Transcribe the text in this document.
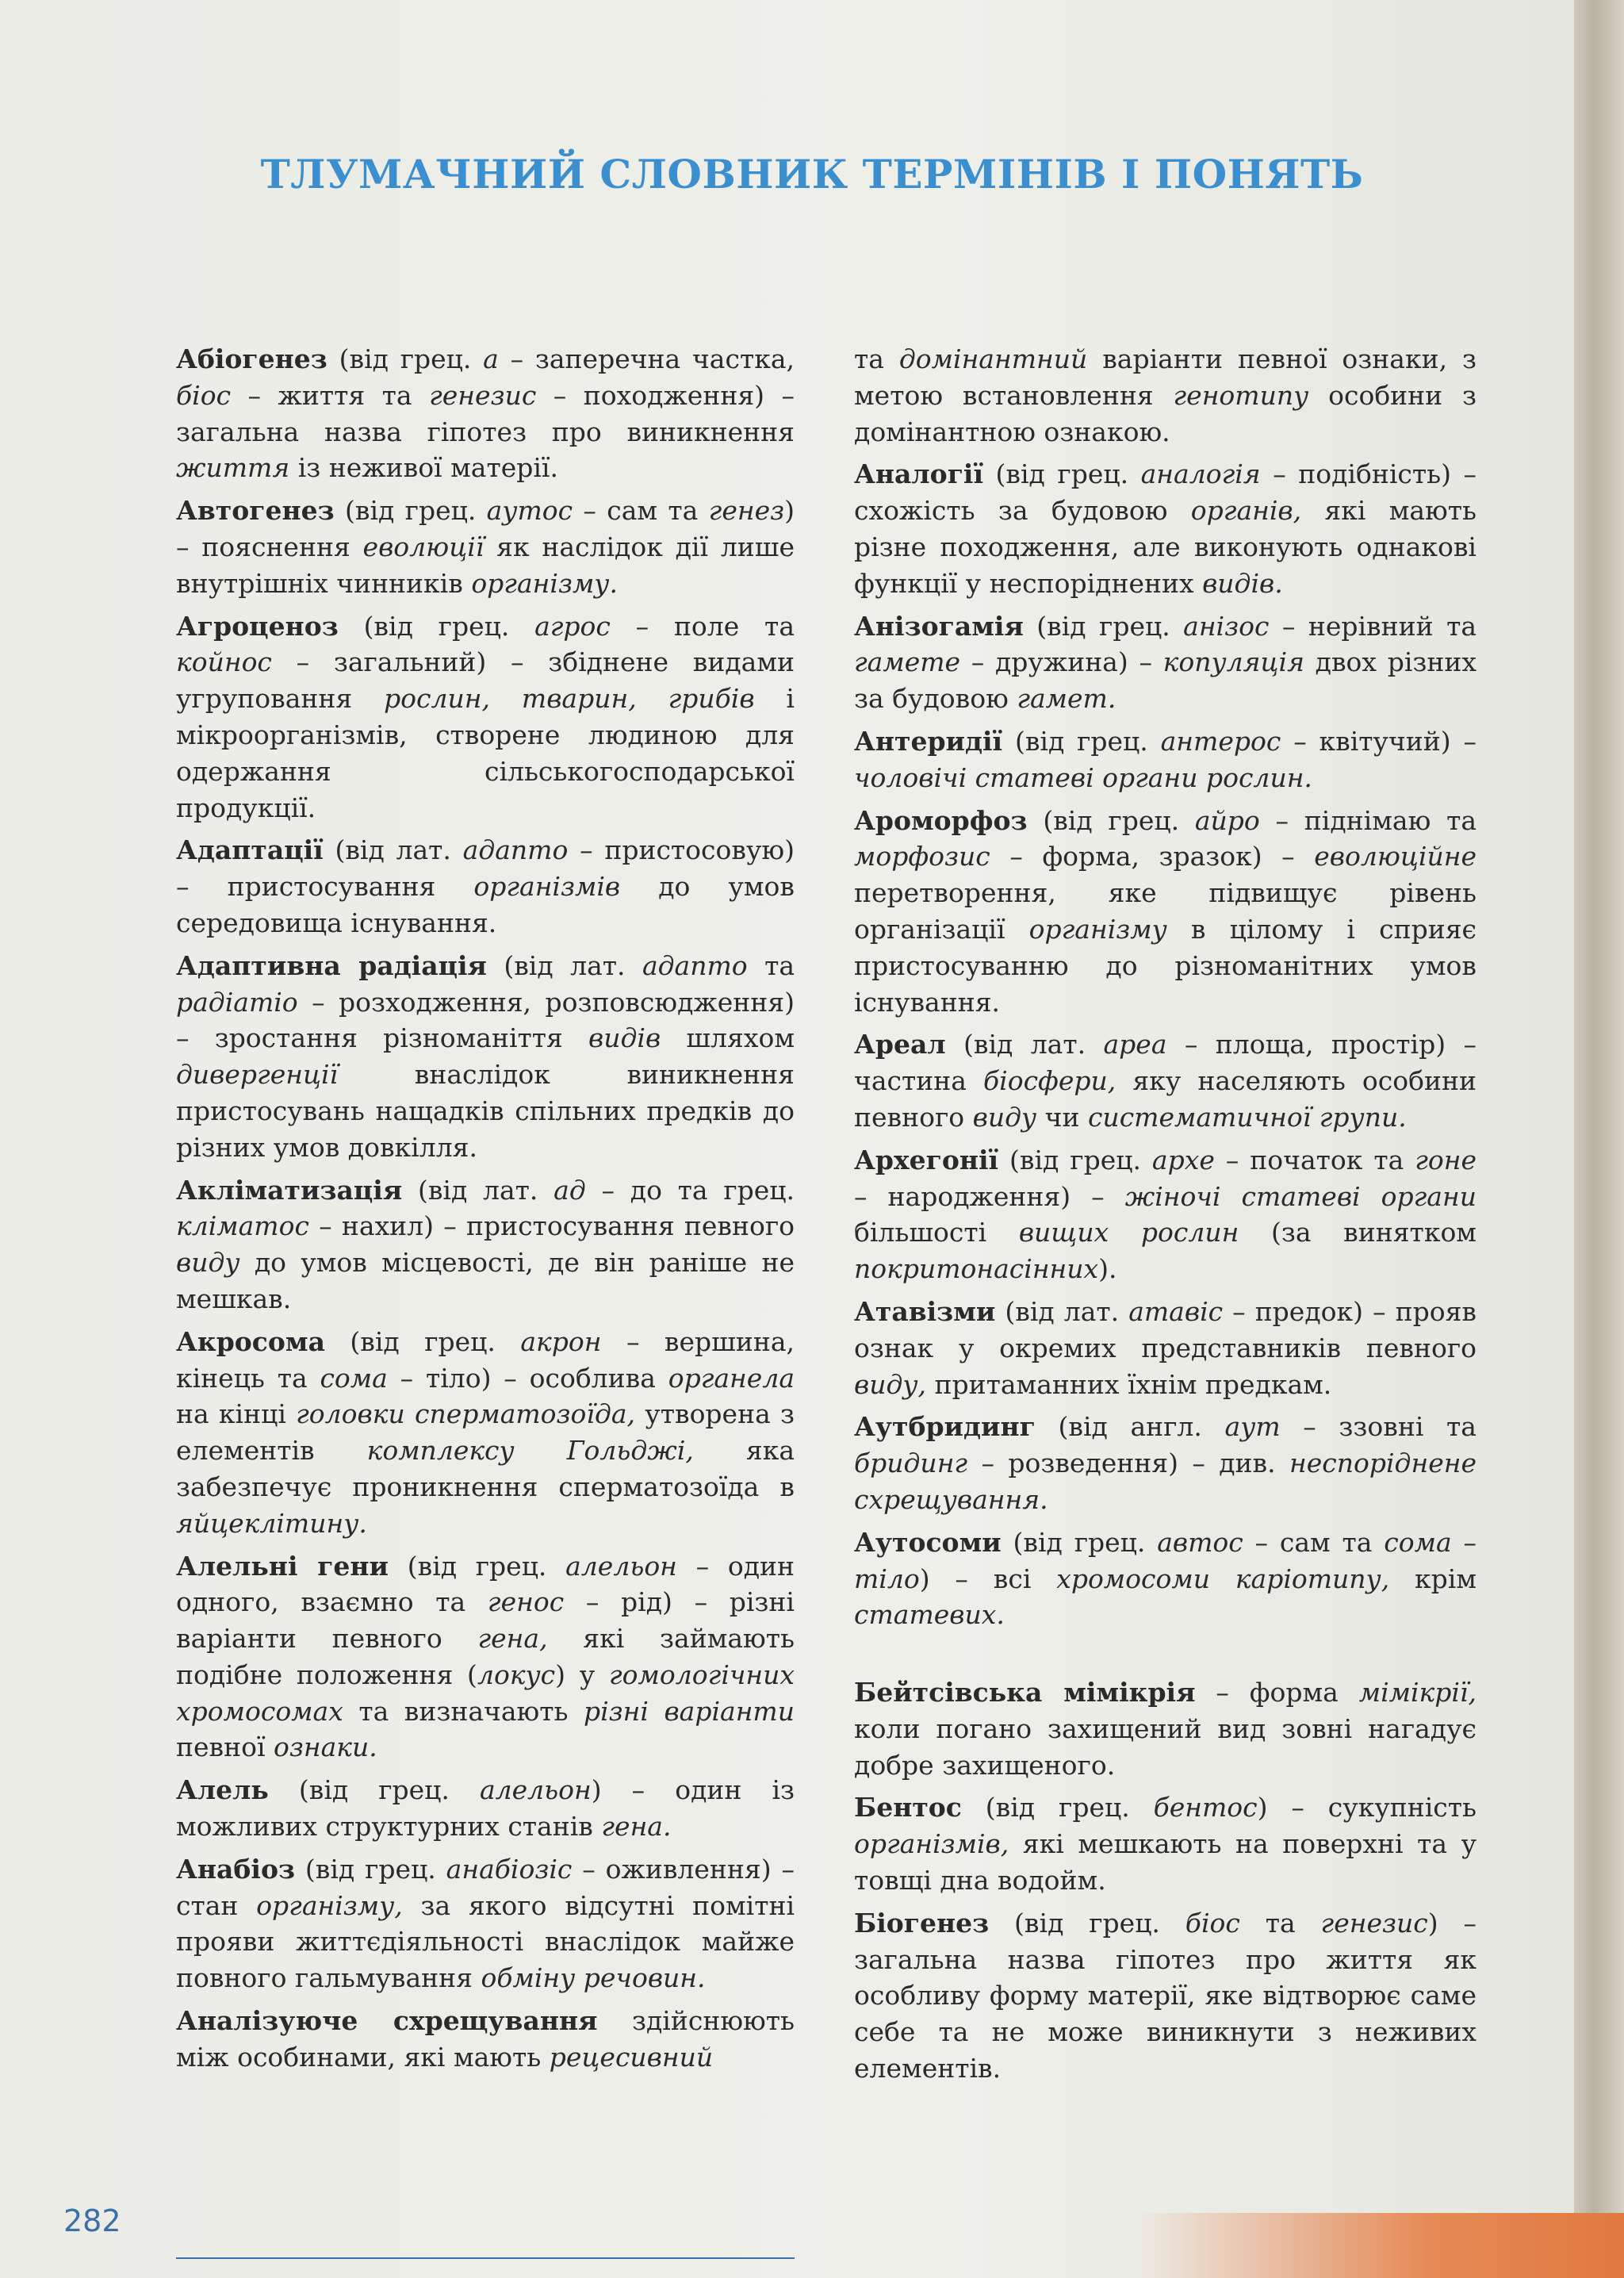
ТЛУМАЧНИЙ СЛОВНИК ТЕРМІНІВ І ПОНЯТЬ

Абіогенез (від грец. а – заперечна частка, біос – життя та генезис – походження) – загальна назва гіпотез про виникнення життя із неживої матерії.

Автогенез (від грец. аутос – сам та генез) – пояснення еволюції як наслідок дії лише внутрішніх чинників організму.

Агроценоз (від грец. агрос – поле та койнос – загальний) – збіднене видами угруповання рослин, тварин, грибів і мікроорганізмів, створене людиною для одержання сільськогосподарської продукції.

Адаптації (від лат. адапто – пристосовую) – пристосування організмів до умов середовища існування.

Адаптивна радіація (від лат. адапто та радіатіо – розходження, розповсюдження) – зростання різноманіття видів шляхом дивергенції внаслідок виникнення пристосувань нащадків спільних предків до різних умов довкілля.

Акліматизація (від лат. ад – до та грец. кліматос – нахил) – пристосування певного виду до умов місцевості, де він раніше не мешкав.

Акросома (від грец. акрон – вершина, кінець та сома – тіло) – особлива органела на кінці головки сперматозоїда, утворена з елементів комплексу Гольджі, яка забезпечує проникнення сперматозоїда в яйцеклітину.

Алельні гени (від грец. алельон – один одного, взаємно та генос – рід) – різні варіанти певного гена, які займають подібне положення (локус) у гомологічних хромосомах та визначають різні варіанти певної ознаки.

Алель (від грец. алельон) – один із можливих структурних станів гена.

Анабіоз (від грец. анабіозіс – оживлення) – стан організму, за якого відсутні помітні прояви життєдіяльності внаслідок майже повного гальмування обміну речовин.

Аналізуюче схрещування здійснюють між особинами, які мають рецесивний

та домінантний варіанти певної ознаки, з метою встановлення генотипу особини з домінантною ознакою.

Аналогії (від грец. аналогія – подібність) – схожість за будовою органів, які мають різне походження, але виконують однакові функції у неспоріднених видів.

Анізогамія (від грец. анізос – нерівний та гамете – дружина) – копуляція двох різних за будовою гамет.

Антеридії (від грец. антерос – квітучий) – чоловічі статеві органи рослин.

Ароморфоз (від грец. айро – піднімаю та морфозис – форма, зразок) – еволюційне перетворення, яке підвищує рівень організації організму в цілому і сприяє пристосуванню до різноманітних умов існування.

Ареал (від лат. ареа – площа, простір) – частина біосфери, яку населяють особини певного виду чи систематичної групи.

Архегонії (від грец. архе – початок та гоне – народження) – жіночі статеві органи більшості вищих рослин (за винятком покритонасінних).

Атавізми (від лат. атавіс – предок) – прояв ознак у окремих представників певного виду, притаманних їхнім предкам.

Аутбридинг (від англ. аут – ззовні та бридинг – розведення) – див. неспоріднене схрещування.

Аутосоми (від грец. автос – сам та сома – тіло) – всі хромосоми каріотипу, крім статевих.

Бейтсівська мімікрія – форма мімікрії, коли погано захищений вид зовні нагадує добре захищеного.

Бентос (від грец. бентос) – сукупність організмів, які мешкають на поверхні та у товщі дна водойм.

Біогенез (від грец. біос та генезис) – загальна назва гіпотез про життя як особливу форму матерії, яке відтворює саме себе та не може виникнути з неживих елементів.

282
